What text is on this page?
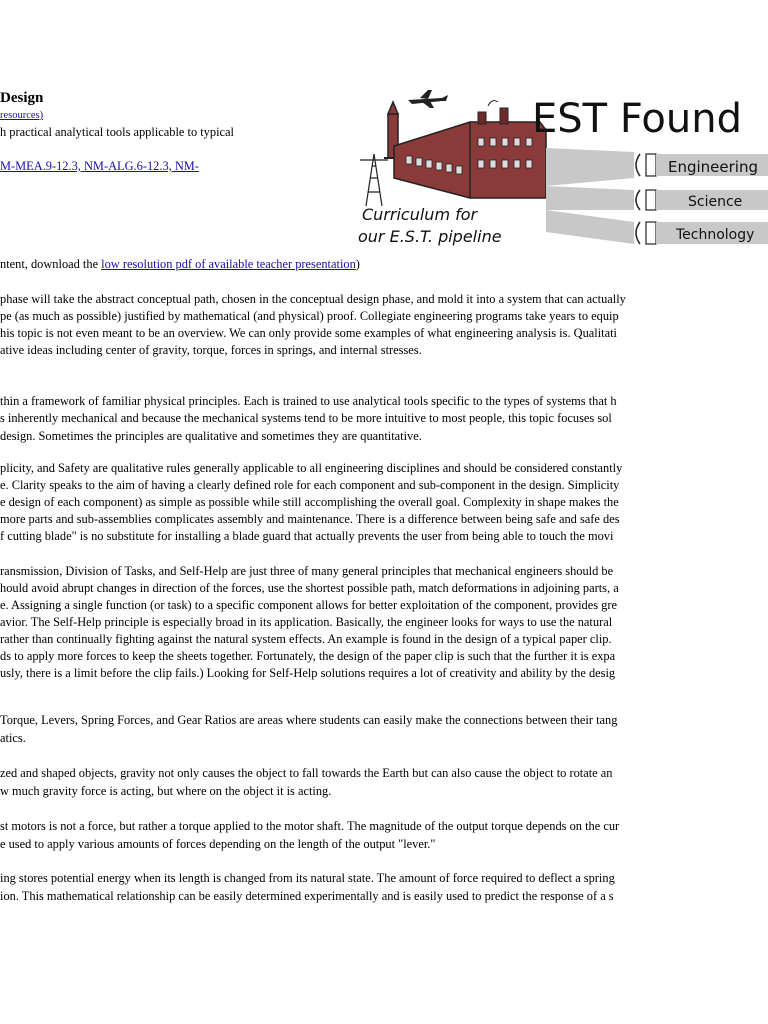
Design
resources)
h practical analytical tools applicable to typical
M-MEA.9-12.3, NM-ALG.6-12.3, NM-
ntent, download the low resolution pdf of available teacher presentation)
phase will take the abstract conceptual path, chosen in the conceptual design phase, and mold it into a system that can actually
pe (as much as possible) justified by mathematical (and physical) proof. Collegiate engineering programs take years to equip
his topic is not even meant to be an overview. We can only provide some examples of what engineering analysis is. Qualitati
ative ideas including center of gravity, torque, forces in springs, and internal stresses.
thin a framework of familiar physical principles. Each is trained to use analytical tools specific to the types of systems that h
s inherently mechanical and because the mechanical systems tend to be more intuitive to most people, this topic focuses sol
design. Sometimes the principles are qualitative and sometimes they are quantitative.
plicity, and Safety are qualitative rules generally applicable to all engineering disciplines and should be considered constantly
e. Clarity speaks to the aim of having a clearly defined role for each component and sub-component in the design. Simplicity
e design of each component) as simple as possible while still accomplishing the overall goal. Complexity in shape makes the
more parts and sub-assemblies complicates assembly and maintenance. There is a difference between being safe and safe des
f cutting blade" is no substitute for installing a blade guard that actually prevents the user from being able to touch the movi
ransmission, Division of Tasks, and Self-Help are just three of many general principles that mechanical engineers should be
hould avoid abrupt changes in direction of the forces, use the shortest possible path, match deformations in adjoining parts, a
e. Assigning a single function (or task) to a specific component allows for better exploitation of the component, provides gre
avior. The Self-Help principle is especially broad in its application. Basically, the engineer looks for ways to use the natural
rather than continually fighting against the natural system effects. An example is found in the design of a typical paper clip.
ds to apply more forces to keep the sheets together. Fortunately, the design of the paper clip is such that the further it is expa
usly, there is a limit before the clip fails.) Looking for Self-Help solutions requires a lot of creativity and ability by the desig
Torque, Levers, Spring Forces, and Gear Ratios are areas where students can easily make the connections between their tang
atics.
zed and shaped objects, gravity not only causes the object to fall towards the Earth but can also cause the object to rotate an
w much gravity force is acting, but where on the object it is acting.
st motors is not a force, but rather a torque applied to the motor shaft. The magnitude of the output torque depends on the cur
e used to apply various amounts of forces depending on the length of the output "lever."
ing stores potential energy when its length is changed from its natural state. The amount of force required to deflect a spring
ion. This mathematical relationship can be easily determined experimentally and is easily used to predict the response of a s
EST Found
Curriculum for
our E.S.T. pipeline
Engineering
Science
Technology
